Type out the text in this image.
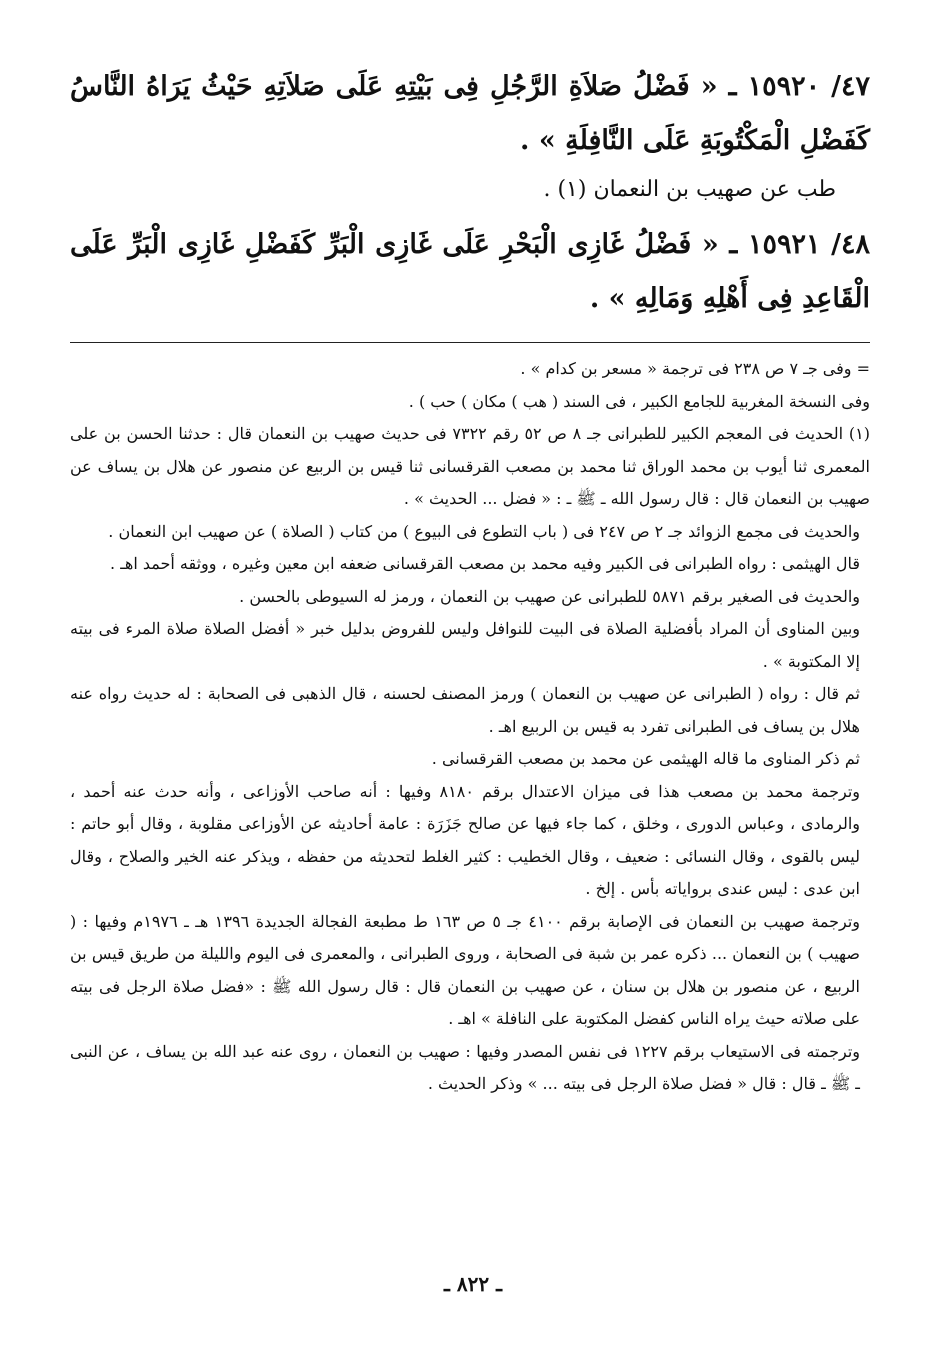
٤٧/ ١٥٩٢٠ ـ « فَضْلُ صَلاَةِ الرَّجُلِ فِى بَيْتِهِ عَلَى صَلاَتِهِ حَيْثُ يَرَاهُ النَّاسُ كَفَضْلِ الْمَكْتُوبَةِ عَلَى النَّافِلَةِ » .

طب عن صهيب بن النعمان (١) .

٤٨/ ١٥٩٢١ ـ « فَضْلُ غَازِى الْبَحْرِ عَلَى غَازِى الْبَرِّ كَفَضْلِ غَازِى الْبَرِّ عَلَى الْقَاعِدِ فِى أَهْلِهِ وَمَالِهِ » .

= وفى جـ ٧ ص ٢٣٨ فى ترجمة « مسعر بن كدام » .

وفى النسخة المغربية للجامع الكبير ، فى السند ( هب ) مكان ) حب ) .

(١) الحديث فى المعجم الكبير للطبرانى جـ ٨ ص ٥٢ رقم ٧٣٢٢ فى حديث صهيب بن النعمان قال : حدثنا الحسن بن على المعمرى ثنا أيوب بن محمد الوراق ثنا محمد بن مصعب القرقسانى ثنا قيس بن الربيع عن منصور عن هلال بن يساف عن صهيب بن النعمان قال : قال رسول الله ـ ﷺ ـ : « فضل ... الحديث » .

والحديث فى مجمع الزوائد جـ ٢ ص ٢٤٧ فى ( باب التطوع فى البيوع ) من كتاب ( الصلاة ) عن صهيب ابن النعمان .

قال الهيثمى : رواه الطبرانى فى الكبير وفيه محمد بن مصعب القرقسانى ضعفه ابن معين وغيره ، ووثقه أحمد اهـ .

والحديث فى الصغير برقم ٥٨٧١ للطبرانى عن صهيب بن النعمان ، ورمز له السيوطى بالحسن .

وبين المناوى أن المراد بأفضلية الصلاة فى البيت للنوافل وليس للفروض بدليل خبر « أفضل الصلاة صلاة المرء فى بيته إلا المكتوبة » .

ثم قال : رواه ( الطبرانى عن صهيب بن النعمان ) ورمز المصنف لحسنه ، قال الذهبى فى الصحابة : له حديث رواه عنه هلال بن يساف فى الطبرانى تفرد به قيس بن الربيع اهـ .

ثم ذكر المناوى ما قاله الهيثمى عن محمد بن مصعب القرقسانى .

وترجمة محمد بن مصعب هذا فى ميزان الاعتدال برقم ٨١٨٠ وفيها : أنه صاحب الأوزاعى ، وأنه حدث عنه أحمد ، والرمادى ، وعباس الدورى ، وخلق ، كما جاء فيها عن صالح جَزَرَة : عامة أحاديثه عن الأوزاعى مقلوبة ، وقال أبو حاتم : ليس بالقوى ، وقال النسائى : ضعيف ، وقال الخطيب : كثير الغلط لتحديثه من حفظه ، ويذكر عنه الخير والصلاح ، وقال ابن عدى : ليس عندى برواياته بأس . إلخ .

وترجمة صهيب بن النعمان فى الإصابة برقم ٤١٠٠ جـ ٥ ص ١٦٣ ط مطبعة الفجالة الجديدة ١٣٩٦ هـ ـ ١٩٧٦م وفيها : ( صهيب ) بن النعمان ... ذكره عمر بن شبة فى الصحابة ، وروى الطبرانى ، والمعمرى فى اليوم والليلة من طريق قيس بن الربيع ، عن منصور بن هلال بن سنان ، عن صهيب بن النعمان قال : قال رسول الله ﷺ : «فضل صلاة الرجل فى بيته على صلاته حيث يراه الناس كفضل المكتوبة على النافلة » اهـ .

وترجمته فى الاستيعاب برقم ١٢٢٧ فى نفس المصدر وفيها : صهيب بن النعمان ، روى عنه عبد الله بن يساف ، عن النبى ـ ﷺ ـ قال : قال « فضل صلاة الرجل فى بيته ... » وذكر الحديث .

ـ ٨٢٢ ـ
